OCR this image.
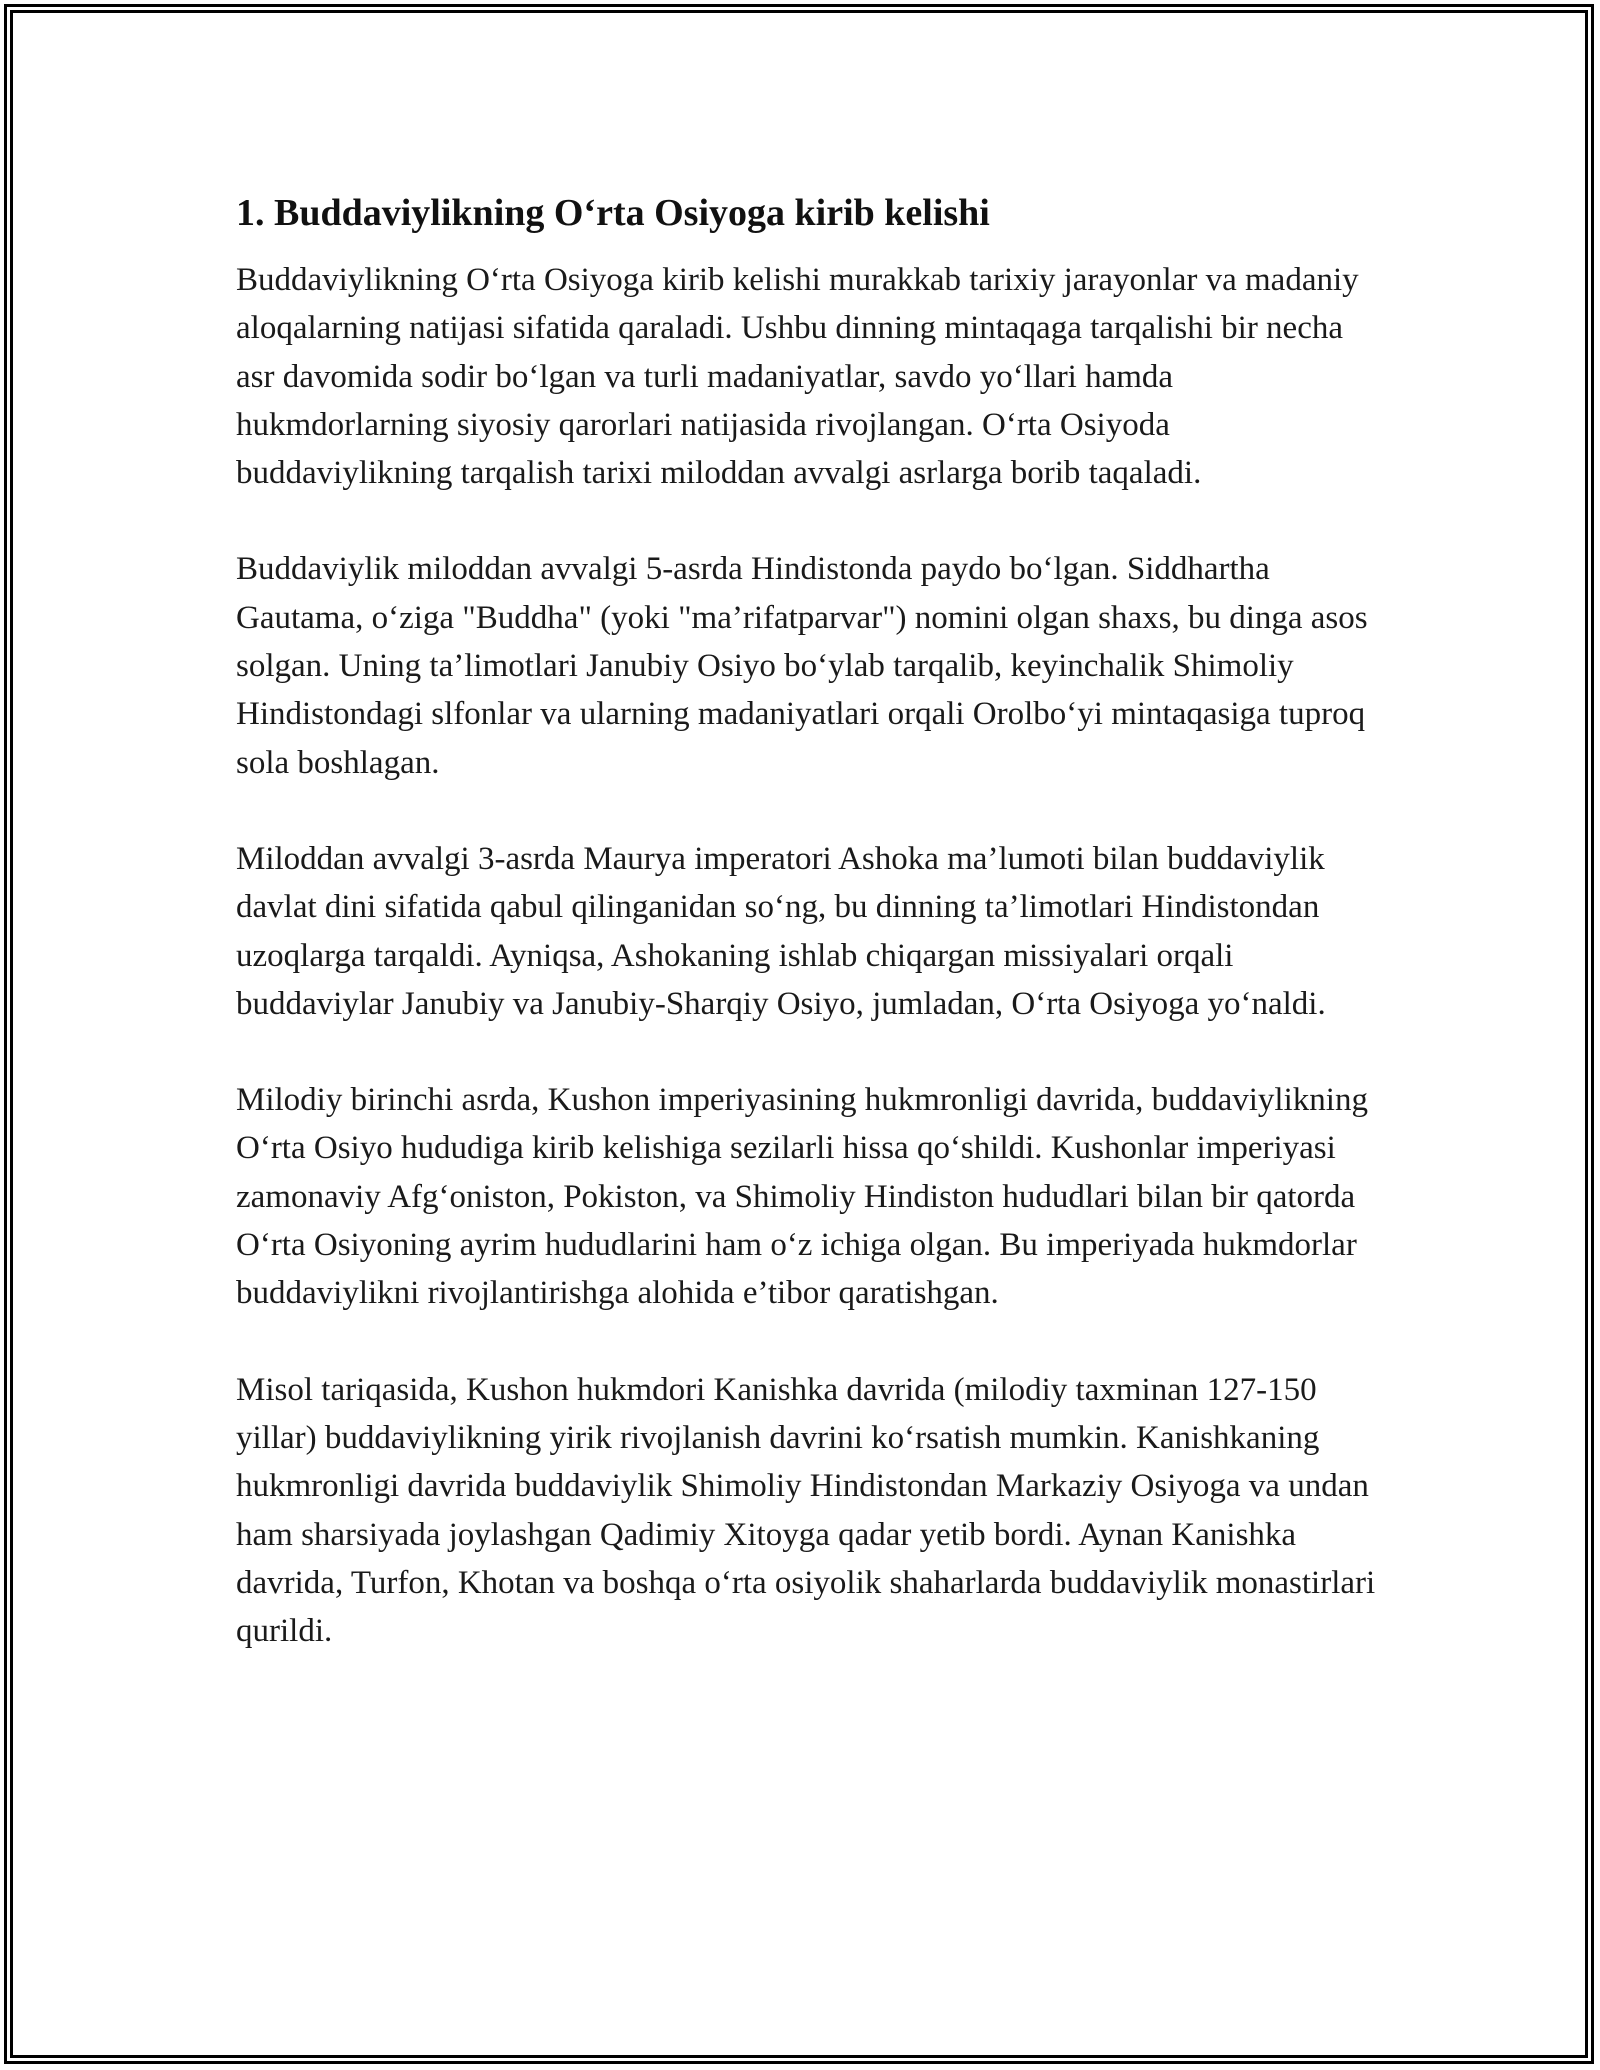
1. Buddaviylikning O‘rta Osiyoga kirib kelishi

Buddaviylikning O‘rta Osiyoga kirib kelishi murakkab tarixiy jarayonlar va madaniy aloqalarning natijasi sifatida qaraladi. Ushbu dinning mintaqaga tarqalishi bir necha asr davomida sodir bo‘lgan va turli madaniyatlar, savdo yo‘llari hamda hukmdorlarning siyosiy qarorlari natijasida rivojlangan. O‘rta Osiyoda buddaviylikning tarqalish tarixi miloddan avvalgi asrlarga borib taqaladi.

Buddaviylik miloddan avvalgi 5-asrda Hindistonda paydo bo‘lgan. Siddhartha Gautama, o‘ziga "Buddha" (yoki "ma’rifatparvar") nomini olgan shaxs, bu dinga asos solgan. Uning ta’limotlari Janubiy Osiyo bo‘ylab tarqalib, keyinchalik Shimoliy Hindistondagi slfonlar va ularning madaniyatlari orqali Orolbo‘yi mintaqasiga tuproq sola boshlagan.

Miloddan avvalgi 3-asrda Maurya imperatori Ashoka ma’lumoti bilan buddaviylik davlat dini sifatida qabul qilinganidan so‘ng, bu dinning ta’limotlari Hindistondan uzoqlarga tarqaldi. Ayniqsa, Ashokaning ishlab chiqargan missiyalari orqali buddaviylar Janubiy va Janubiy-Sharqiy Osiyo, jumladan, O‘rta Osiyoga yo‘naldi.

Milodiy birinchi asrda, Kushon imperiyasining hukmronligi davrida, buddaviylikning O‘rta Osiyo hududiga kirib kelishiga sezilarli hissa qo‘shildi. Kushonlar imperiyasi zamonaviy Afg‘oniston, Pokiston, va Shimoliy Hindiston hududlari bilan bir qatorda O‘rta Osiyoning ayrim hududlarini ham o‘z ichiga olgan. Bu imperiyada hukmdorlar buddaviylikni rivojlantirishga alohida e’tibor qaratishgan.

Misol tariqasida, Kushon hukmdori Kanishka davrida (milodiy taxminan 127-150 yillar) buddaviylikning yirik rivojlanish davrini ko‘rsatish mumkin. Kanishkaning hukmronligi davrida buddaviylik Shimoliy Hindistondan Markaziy Osiyoga va undan ham sharsiyada joylashgan Qadimiy Xitoyga qadar yetib bordi. Aynan Kanishka davrida, Turfon, Khotan va boshqa o‘rta osiyolik shaharlarda buddaviylik monastirlari qurildi.
